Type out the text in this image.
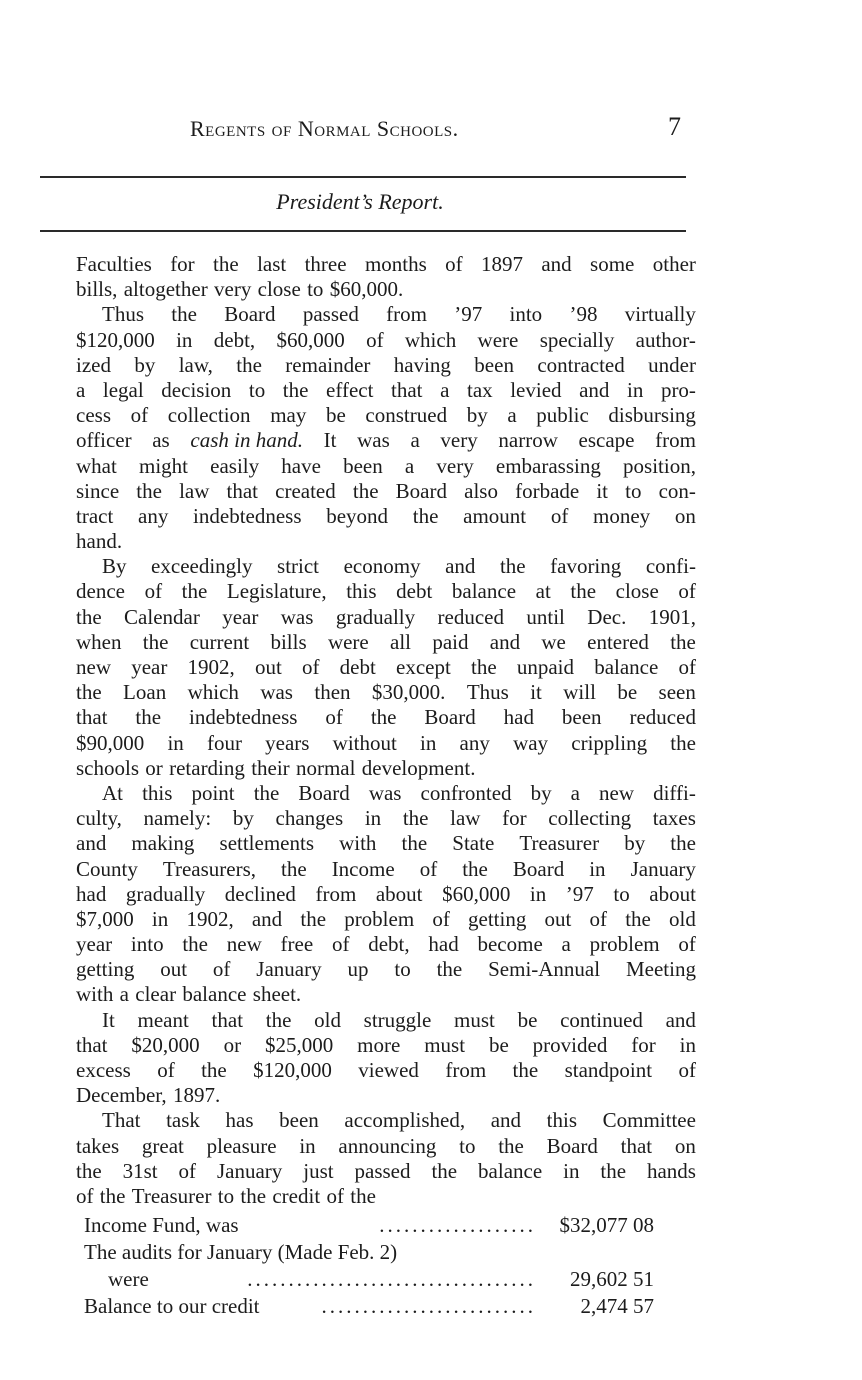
Regents of Normal Schools.	7
President’s Report.
Faculties for the last three months of 1897 and some other
bills, altogether very close to $60,000.
Thus the Board passed from ’97 into ’98 virtually
$120,000 in debt, $60,000 of which were specially author-
ized by law, the remainder having been contracted under
a legal decision to the effect that a tax levied and in pro-
cess of collection may be construed by a public disbursing
officer as cash in hand. It was a very narrow escape from
what might easily have been a very embarassing position,
since the law that created the Board also forbade it to con-
tract any indebtedness beyond the amount of money on
hand.
By exceedingly strict economy and the favoring confi-
dence of the Legislature, this debt balance at the close of
the Calendar year was gradually reduced until Dec. 1901,
when the current bills were all paid and we entered the
new year 1902, out of debt except the unpaid balance of
the Loan which was then $30,000. Thus it will be seen
that the indebtedness of the Board had been reduced
$90,000 in four years without in any way crippling the
schools or retarding their normal development.
At this point the Board was confronted by a new diffi-
culty, namely: by changes in the law for collecting taxes
and making settlements with the State Treasurer by the
County Treasurers, the Income of the Board in January
had gradually declined from about $60,000 in ’97 to about
$7,000 in 1902, and the problem of getting out of the old
year into the new free of debt, had become a problem of
getting out of January up to the Semi-Annual Meeting
with a clear balance sheet.
It meant that the old struggle must be continued and
that $20,000 or $25,000 more must be provided for in
excess of the $120,000 viewed from the standpoint of
December, 1897.
That task has been accomplished, and this Committee
takes great pleasure in announcing to the Board that on
the 31st of January just passed the balance in the hands
of the Treasurer to the credit of the
Income Fund, was	................... $32,077 08
The audits for January (Made Feb. 2)
were	................................... 29,602 51
Balance to our credit	.......................... 2,474 57
